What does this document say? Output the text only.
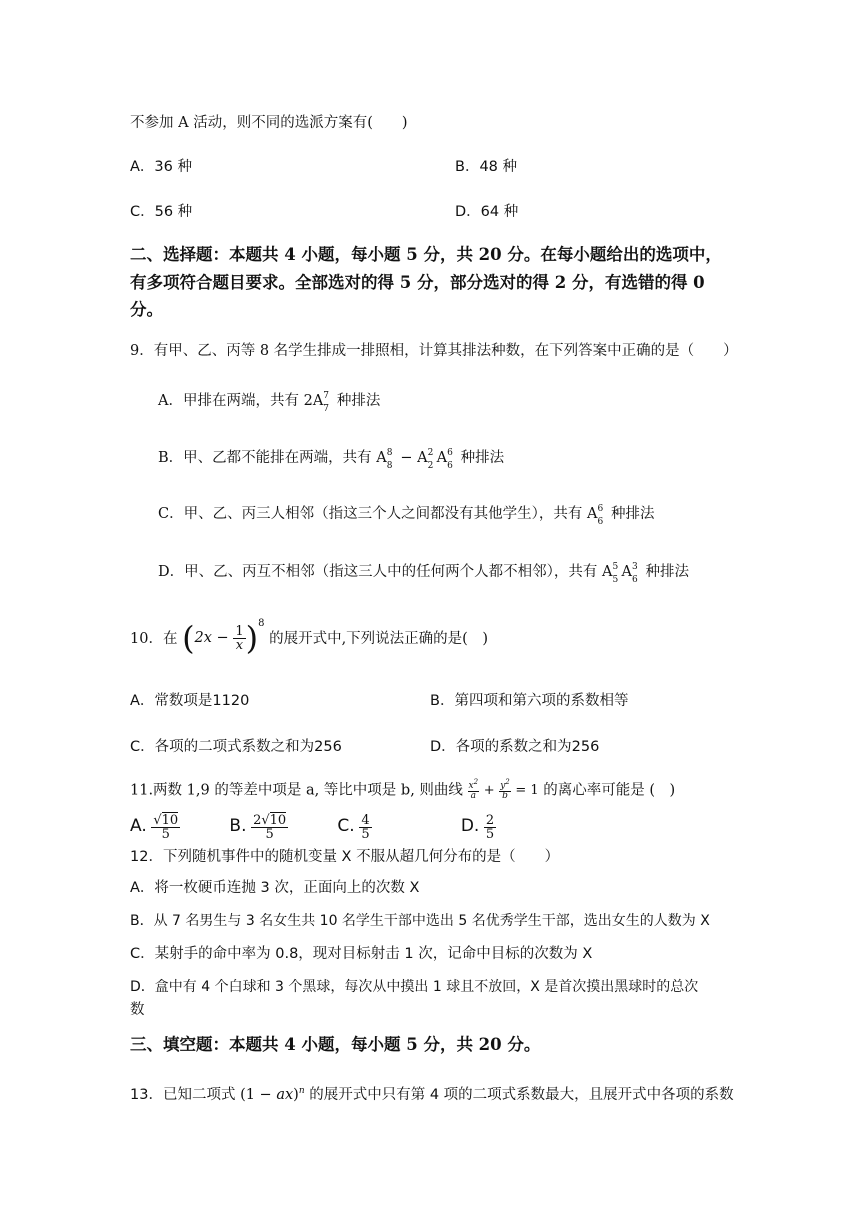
不参加 A 活动，则不同的选派方案有(　　)
A．36 种	B．48 种
C．56 种	D．64 种
二、选择题：本题共 4 小题，每小题 5 分，共 20 分。在每小题给出的选项中，
有多项符合题目要求。全部选对的得 5 分，部分选对的得 2 分，有选错的得 0
分。
9．有甲、乙、丙等 8 名学生排成一排照相，计算其排法种数，在下列答案中正确的是（　　）
A．甲排在两端，共有 2A 7
7 种排法
B．甲、乙都不能排在两端，共有 A 8
8 − A 2
2 A 6
6 种排法
C．甲、乙、丙三人相邻（指这三个人之间都没有其他学生），共有 A 6
6 种排法
D．甲、乙、丙互不相邻（指这三人中的任何两个人都不相邻），共有 A 5
5 A 3
6 种排法
10．在 $(2x - \frac{1}{x} )^8$ 的展开式中,下列说法正确的是(　)
A．常数项是1120	B．第四项和第六项的系数相等
C．各项的二项式系数之和为256	D．各项的系数之和为256
11.两数 1,9 的等差中项是 a, 等比中项是 b, 则曲线 $\frac{x^2}{a} + \frac{y^2}{b} = 1$ 的离心率可能是 (　)
A. $\frac{√10}{5}$	B. $\frac{2√10}{5}$	C. $\frac{4}{5}$	D. $\frac{2}{5}$
12．下列随机事件中的随机变量 X 不服从超几何分布的是（　　）
A．将一枚硬币连抛 3 次，正面向上的次数 X
B．从 7 名男生与 3 名女生共 10 名学生干部中选出 5 名优秀学生干部，选出女生的人数为 X
C．某射手的命中率为 0.8，现对目标射击 1 次，记命中目标的次数为 X
D．盒中有 4 个白球和 3 个黑球，每次从中摸出 1 球且不放回，X 是首次摸出黑球时的总次
数
三、填空题：本题共 4 小题，每小题 5 分，共 20 分。
13．已知二项式 (1 − ax)$^n$ 的展开式中只有第 4 项的二项式系数最大，且展开式中各项的系数
